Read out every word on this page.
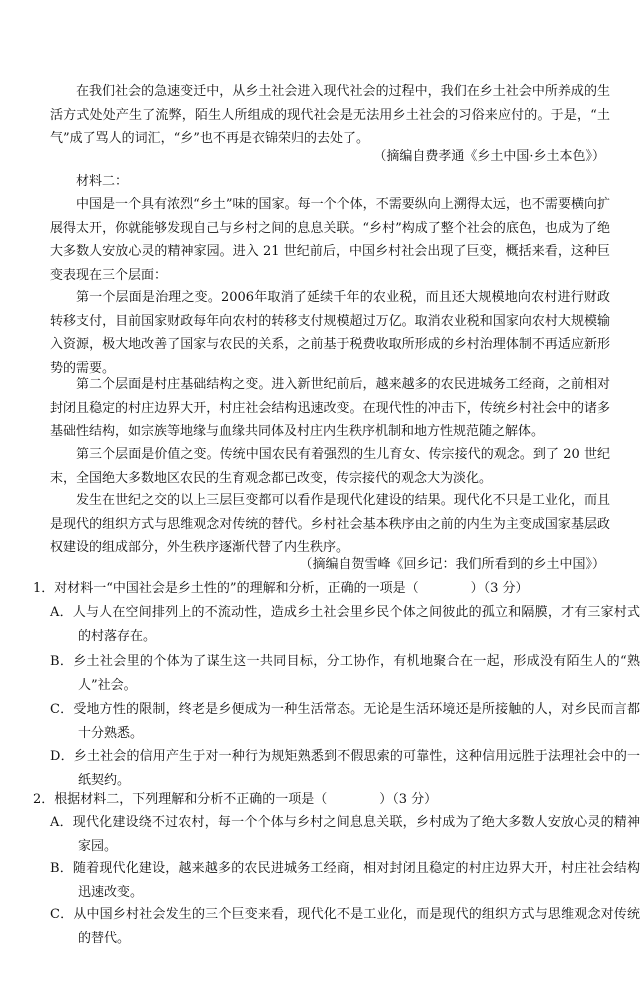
在我们社会的急速变迁中，从乡土社会进入现代社会的过程中，我们在乡土社会中所养成的生活方式处处产生了流弊，陌生人所组成的现代社会是无法用乡土社会的习俗来应付的。于是，“土气”成了骂人的词汇，“乡”也不再是衣锦荣归的去处了。

（摘编自费孝通《乡土中国·乡土本色》）

材料二：

中国是一个具有浓烈“乡土”味的国家。每一个个体，不需要纵向上溯得太远，也不需要横向扩展得太开，你就能够发现自己与乡村之间的息息关联。“乡村”构成了整个社会的底色，也成为了绝大多数人安放心灵的精神家园。进入 21 世纪前后，中国乡村社会出现了巨变，概括来看，这种巨变表现在三个层面：

第一个层面是治理之变。2006年取消了延续千年的农业税，而且还大规模地向农村进行财政转移支付，目前国家财政每年向农村的转移支付规模超过万亿。取消农业税和国家向农村大规模输入资源，极大地改善了国家与农民的关系，之前基于税费收取所形成的乡村治理体制不再适应新形势的需要。

第二个层面是村庄基础结构之变。进入新世纪前后，越来越多的农民进城务工经商，之前相对封闭且稳定的村庄边界大开，村庄社会结构迅速改变。在现代性的冲击下，传统乡村社会中的诸多基础性结构，如宗族等地缘与血缘共同体及村庄内生秩序机制和地方性规范随之解体。

第三个层面是价值之变。传统中国农民有着强烈的生儿育女、传宗接代的观念。到了 20 世纪末，全国绝大多数地区农民的生育观念都已改变，传宗接代的观念大为淡化。

发生在世纪之交的以上三层巨变都可以看作是现代化建设的结果。现代化不只是工业化，而且是现代的组织方式与思维观念对传统的替代。乡村社会基本秩序由之前的内生为主变成国家基层政权建设的组成部分，外生秩序逐渐代替了内生秩序。

（摘编自贺雪峰《回乡记：我们所看到的乡土中国》）

1．对材料一“中国社会是乡土性的”的理解和分析，正确的一项是（　　　　）（3 分）

A．人与人在空间排列上的不流动性，造成乡土社会里乡民个体之间彼此的孤立和隔膜，才有三家村式的村落存在。

B．乡土社会里的个体为了谋生这一共同目标，分工协作，有机地聚合在一起，形成没有陌生人的“熟人”社会。

C．受地方性的限制，终老是乡便成为一种生活常态。无论是生活环境还是所接触的人，对乡民而言都十分熟悉。

D．乡土社会的信用产生于对一种行为规矩熟悉到不假思索的可靠性，这种信用远胜于法理社会中的一纸契约。

2．根据材料二，下列理解和分析不正确的一项是（　　　　）（3 分）

A．现代化建设绕不过农村，每一个个体与乡村之间息息关联，乡村成为了绝大多数人安放心灵的精神家园。

B．随着现代化建设，越来越多的农民进城务工经商，相对封闭且稳定的村庄边界大开，村庄社会结构迅速改变。

C．从中国乡村社会发生的三个巨变来看，现代化不是工业化，而是现代的组织方式与思维观念对传统的替代。
